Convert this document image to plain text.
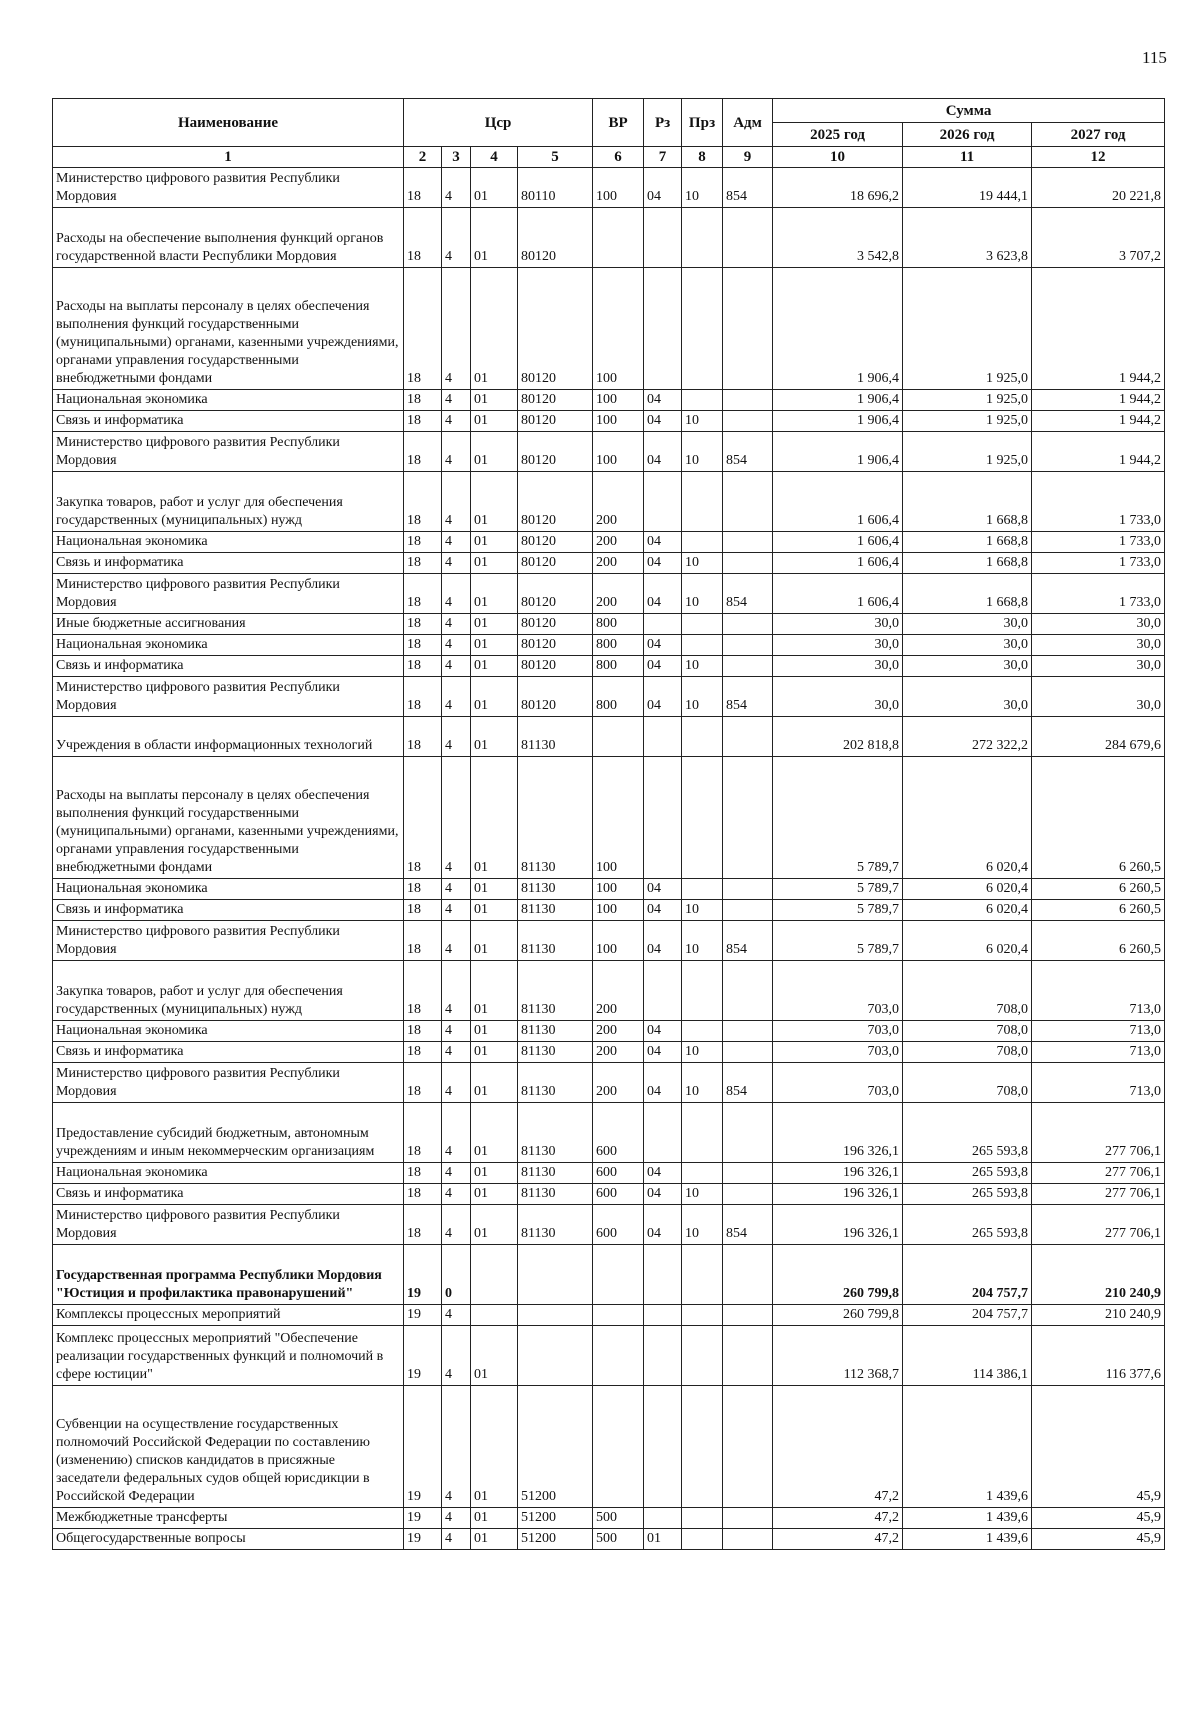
115
Наименование	Цср				ВР	Рз	Прз	Адм	Сумма		
									2025 год	2026 год	2027 год
1	2	3	4	5	6	7	8	9	10	11	12
Министерство цифрового развития Республики Мордовия	18	4	01	80110	100	04	10	854	18 696,2	19 444,1	20 221,8
Расходы на обеспечение выполнения функций органов государственной власти Республики Мордовия	18	4	01	80120					3 542,8	3 623,8	3 707,2
Расходы на выплаты персоналу в целях обеспечения выполнения функций государственными (муниципальными) органами, казенными учреждениями, органами управления государственными внебюджетными фондами	18	4	01	80120	100				1 906,4	1 925,0	1 944,2
Национальная экономика	18	4	01	80120	100	04			1 906,4	1 925,0	1 944,2
Связь и информатика	18	4	01	80120	100	04	10		1 906,4	1 925,0	1 944,2
Министерство цифрового развития Республики Мордовия	18	4	01	80120	100	04	10	854	1 906,4	1 925,0	1 944,2
Закупка товаров, работ и услуг для обеспечения государственных (муниципальных) нужд	18	4	01	80120	200				1 606,4	1 668,8	1 733,0
Национальная экономика	18	4	01	80120	200	04			1 606,4	1 668,8	1 733,0
Связь и информатика	18	4	01	80120	200	04	10		1 606,4	1 668,8	1 733,0
Министерство цифрового развития Республики Мордовия	18	4	01	80120	200	04	10	854	1 606,4	1 668,8	1 733,0
Иные бюджетные ассигнования	18	4	01	80120	800				30,0	30,0	30,0
Национальная экономика	18	4	01	80120	800	04			30,0	30,0	30,0
Связь и информатика	18	4	01	80120	800	04	10		30,0	30,0	30,0
Министерство цифрового развития Республики Мордовия	18	4	01	80120	800	04	10	854	30,0	30,0	30,0
Учреждения в области информационных технологий	18	4	01	81130					202 818,8	272 322,2	284 679,6
Расходы на выплаты персоналу в целях обеспечения выполнения функций государственными (муниципальными) органами, казенными учреждениями, органами управления государственными внебюджетными фондами	18	4	01	81130	100				5 789,7	6 020,4	6 260,5
Национальная экономика	18	4	01	81130	100	04			5 789,7	6 020,4	6 260,5
Связь и информатика	18	4	01	81130	100	04	10		5 789,7	6 020,4	6 260,5
Министерство цифрового развития Республики Мордовия	18	4	01	81130	100	04	10	854	5 789,7	6 020,4	6 260,5
Закупка товаров, работ и услуг для обеспечения государственных (муниципальных) нужд	18	4	01	81130	200				703,0	708,0	713,0
Национальная экономика	18	4	01	81130	200	04			703,0	708,0	713,0
Связь и информатика	18	4	01	81130	200	04	10		703,0	708,0	713,0
Министерство цифрового развития Республики Мордовия	18	4	01	81130	200	04	10	854	703,0	708,0	713,0
Предоставление субсидий бюджетным, автономным учреждениям и иным некоммерческим организациям	18	4	01	81130	600				196 326,1	265 593,8	277 706,1
Национальная экономика	18	4	01	81130	600	04			196 326,1	265 593,8	277 706,1
Связь и информатика	18	4	01	81130	600	04	10		196 326,1	265 593,8	277 706,1
Министерство цифрового развития Республики Мордовия	18	4	01	81130	600	04	10	854	196 326,1	265 593,8	277 706,1
Государственная программа Республики Мордовия "Юстиция и профилактика правонарушений"	19	0							260 799,8	204 757,7	210 240,9
Комплексы процессных мероприятий	19	4							260 799,8	204 757,7	210 240,9
Комплекс процессных мероприятий "Обеспечение реализации государственных функций и полномочий в сфере юстиции"	19	4	01						112 368,7	114 386,1	116 377,6
Субвенции на осуществление государственных полномочий Российской Федерации по составлению (изменению) списков кандидатов в присяжные заседатели федеральных судов общей юрисдикции в Российской Федерации	19	4	01	51200					47,2	1 439,6	45,9
Межбюджетные трансферты	19	4	01	51200	500				47,2	1 439,6	45,9
Общегосударственные вопросы	19	4	01	51200	500	01			47,2	1 439,6	45,9
